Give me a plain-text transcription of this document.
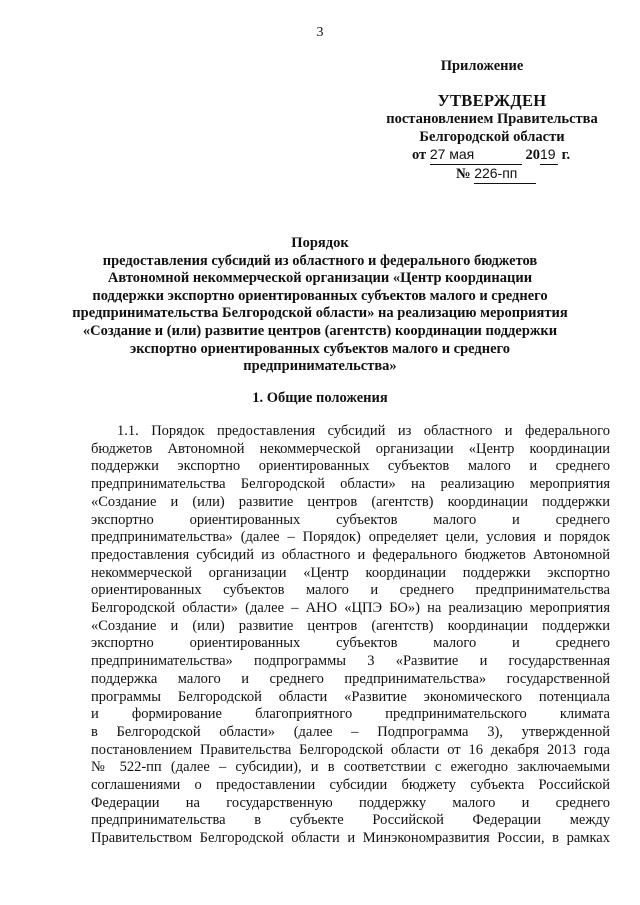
3
Приложение
УТВЕРЖДЕН
постановлением Правительства
Белгородской области
от 27 мая	2019 г.
№ 226-пп
Порядок
предоставления субсидий из областного и федерального бюджетов
Автономной некоммерческой организации «Центр координации
поддержки экспортно ориентированных субъектов малого и среднего
предпринимательства Белгородской области» на реализацию мероприятия
«Создание и (или) развитие центров (агентств) координации поддержки
экспортно ориентированных субъектов малого и среднего
предпринимательства»
1. Общие положения
1.1. Порядок предоставления субсидий из областного и федерального
бюджетов Автономной некоммерческой организации «Центр координации
поддержки экспортно ориентированных субъектов малого и среднего
предпринимательства Белгородской области» на реализацию мероприятия
«Создание и (или) развитие центров (агентств) координации поддержки
экспортно ориентированных субъектов малого и среднего
предпринимательства» (далее – Порядок) определяет цели, условия и порядок
предоставления субсидий из областного и федерального бюджетов Автономной
некоммерческой организации «Центр координации поддержки экспортно
ориентированных субъектов малого и среднего предпринимательства
Белгородской области» (далее – АНО «ЦПЭ БО») на реализацию мероприятия
«Создание и (или) развитие центров (агентств) координации поддержки
экспортно ориентированных субъектов малого и среднего
предпринимательства» подпрограммы 3 «Развитие и государственная
поддержка малого и среднего предпринимательства» государственной
программы Белгородской области «Развитие экономического потенциала
и формирование благоприятного предпринимательского климата
в Белгородской области» (далее – Подпрограмма 3), утвержденной
постановлением Правительства Белгородской области от 16 декабря 2013 года
№ 522-пп (далее – субсидии), и в соответствии с ежегодно заключаемыми
соглашениями о предоставлении субсидии бюджету субъекта Российской
Федерации на государственную поддержку малого и среднего
предпринимательства в субъекте Российской Федерации между
Правительством Белгородской области и Минэкономразвития России, в рамках
